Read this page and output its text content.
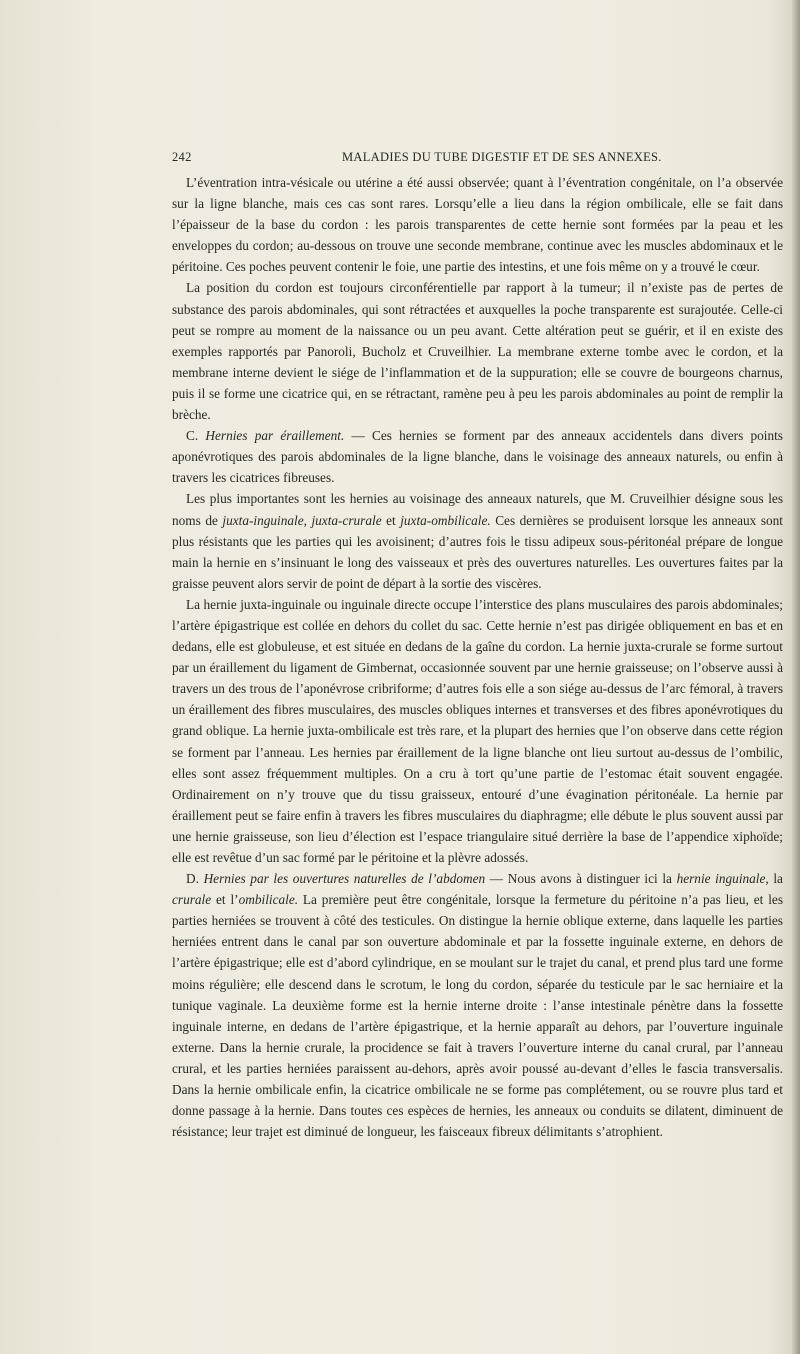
242	MALADIES DU TUBE DIGESTIF ET DE SES ANNEXES.

L’éventration intra-vésicale ou utérine a été aussi observée; quant à l’éventration congénitale, on l’a observée sur la ligne blanche, mais ces cas sont rares. Lorsqu’elle a lieu dans la région ombilicale, elle se fait dans l’épaisseur de la base du cordon : les parois transparentes de cette hernie sont formées par la peau et les enveloppes du cordon; au-dessous on trouve une seconde membrane, continue avec les muscles abdominaux et le péritoine. Ces poches peuvent contenir le foie, une partie des intestins, et une fois même on y a trouvé le cœur.

La position du cordon est toujours circonférentielle par rapport à la tumeur; il n’existe pas de pertes de substance des parois abdominales, qui sont rétractées et auxquelles la poche transparente est surajoutée. Celle-ci peut se rompre au moment de la naissance ou un peu avant. Cette altération peut se guérir, et il en existe des exemples rapportés par Panoroli, Bucholz et Cruveilhier. La membrane externe tombe avec le cordon, et la membrane interne devient le siége de l’inflammation et de la suppuration; elle se couvre de bourgeons charnus, puis il se forme une cicatrice qui, en se rétractant, ramène peu à peu les parois abdominales au point de remplir la brèche.

C. Hernies par éraillement. — Ces hernies se forment par des anneaux accidentels dans divers points aponévrotiques des parois abdominales de la ligne blanche, dans le voisinage des anneaux naturels, ou enfin à travers les cicatrices fibreuses.

Les plus importantes sont les hernies au voisinage des anneaux naturels, que M. Cruveilhier désigne sous les noms de juxta-inguinale, juxta-crurale et juxta-ombilicale. Ces dernières se produisent lorsque les anneaux sont plus résistants que les parties qui les avoisinent; d’autres fois le tissu adipeux sous-péritonéal prépare de longue main la hernie en s’insinuant le long des vaisseaux et près des ouvertures naturelles. Les ouvertures faites par la graisse peuvent alors servir de point de départ à la sortie des viscères.

La hernie juxta-inguinale ou inguinale directe occupe l’interstice des plans musculaires des parois abdominales; l’artère épigastrique est collée en dehors du collet du sac. Cette hernie n’est pas dirigée obliquement en bas et en dedans, elle est globuleuse, et est située en dedans de la gaîne du cordon. La hernie juxta-crurale se forme surtout par un éraillement du ligament de Gimbernat, occasionnée souvent par une hernie graisseuse; on l’observe aussi à travers un des trous de l’aponévrose cribriforme; d’autres fois elle a son siége au-dessus de l’arc fémoral, à travers un éraillement des fibres musculaires, des muscles obliques internes et transverses et des fibres aponévrotiques du grand oblique. La hernie juxta-ombilicale est très rare, et la plupart des hernies que l’on observe dans cette région se forment par l’anneau. Les hernies par éraillement de la ligne blanche ont lieu surtout au-dessus de l’ombilic, elles sont assez fréquemment multiples. On a cru à tort qu’une partie de l’estomac était souvent engagée. Ordinairement on n’y trouve que du tissu graisseux, entouré d’une évagination péritonéale. La hernie par éraillement peut se faire enfin à travers les fibres musculaires du diaphragme; elle débute le plus souvent aussi par une hernie graisseuse, son lieu d’élection est l’espace triangulaire situé derrière la base de l’appendice xiphoïde; elle est revêtue d’un sac formé par le péritoine et la plèvre adossés.

D. Hernies par les ouvertures naturelles de l’abdomen — Nous avons à distinguer ici la hernie inguinale, la crurale et l’ombilicale. La première peut être congénitale, lorsque la fermeture du péritoine n’a pas lieu, et les parties herniées se trouvent à côté des testicules. On distingue la hernie oblique externe, dans laquelle les parties herniées entrent dans le canal par son ouverture abdominale et par la fossette inguinale externe, en dehors de l’artère épigastrique; elle est d’abord cylindrique, en se moulant sur le trajet du canal, et prend plus tard une forme moins régulière; elle descend dans le scrotum, le long du cordon, séparée du testicule par le sac herniaire et la tunique vaginale. La deuxième forme est la hernie interne droite : l’anse intestinale pénètre dans la fossette inguinale interne, en dedans de l’artère épigastrique, et la hernie apparaît au dehors, par l’ouverture inguinale externe. Dans la hernie crurale, la procidence se fait à travers l’ouverture interne du canal crural, par l’anneau crural, et les parties herniées paraissent au-dehors, après avoir poussé au-devant d’elles le fascia transversalis. Dans la hernie ombilicale enfin, la cicatrice ombilicale ne se forme pas complétement, ou se rouvre plus tard et donne passage à la hernie. Dans toutes ces espèces de hernies, les anneaux ou conduits se dilatent, diminuent de résistance; leur trajet est diminué de longueur, les faisceaux fibreux délimitants s’atrophient.
